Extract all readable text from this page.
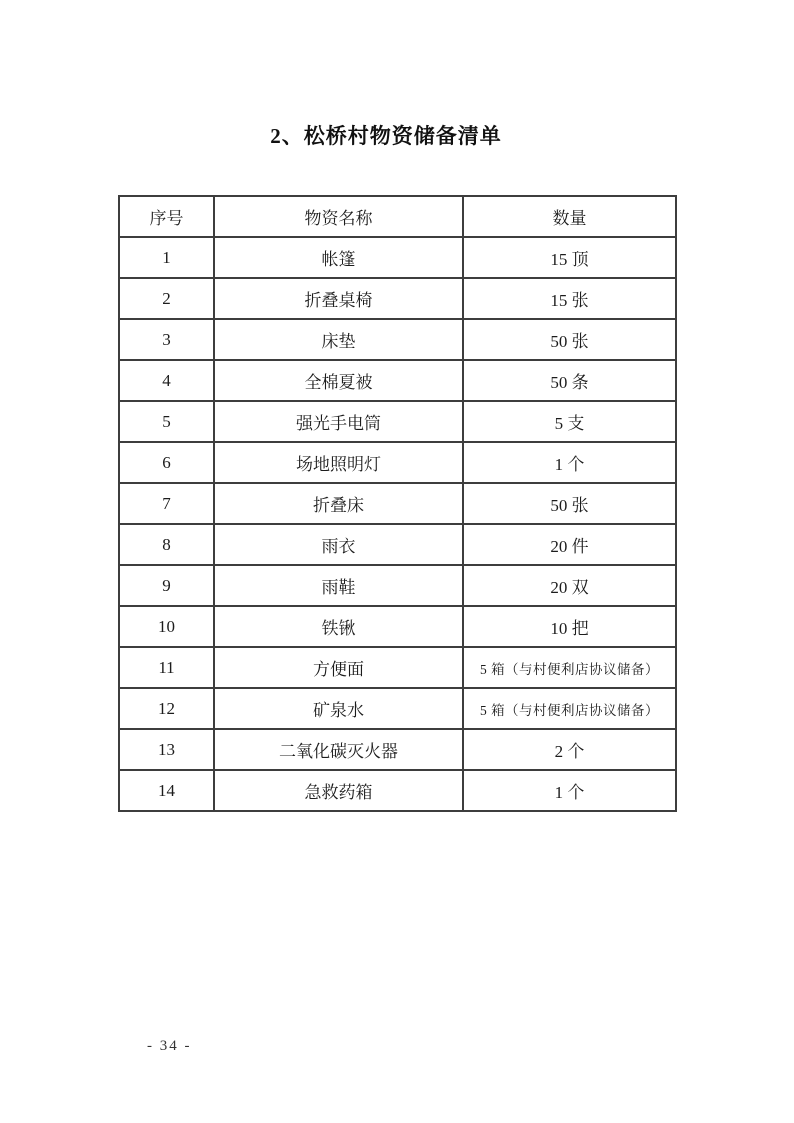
2、松桥村物资储备清单
序号	物资名称	数量
1	帐篷	15 顶
2	折叠桌椅	15 张
3	床垫	50 张
4	全棉夏被	50 条
5	强光手电筒	5 支
6	场地照明灯	1 个
7	折叠床	50 张
8	雨衣	20 件
9	雨鞋	20 双
10	铁锹	10 把
11	方便面	5 箱（与村便利店协议储备）
12	矿泉水	5 箱（与村便利店协议储备）
13	二氧化碳灭火器	2 个
14	急救药箱	1 个
- 34 -
